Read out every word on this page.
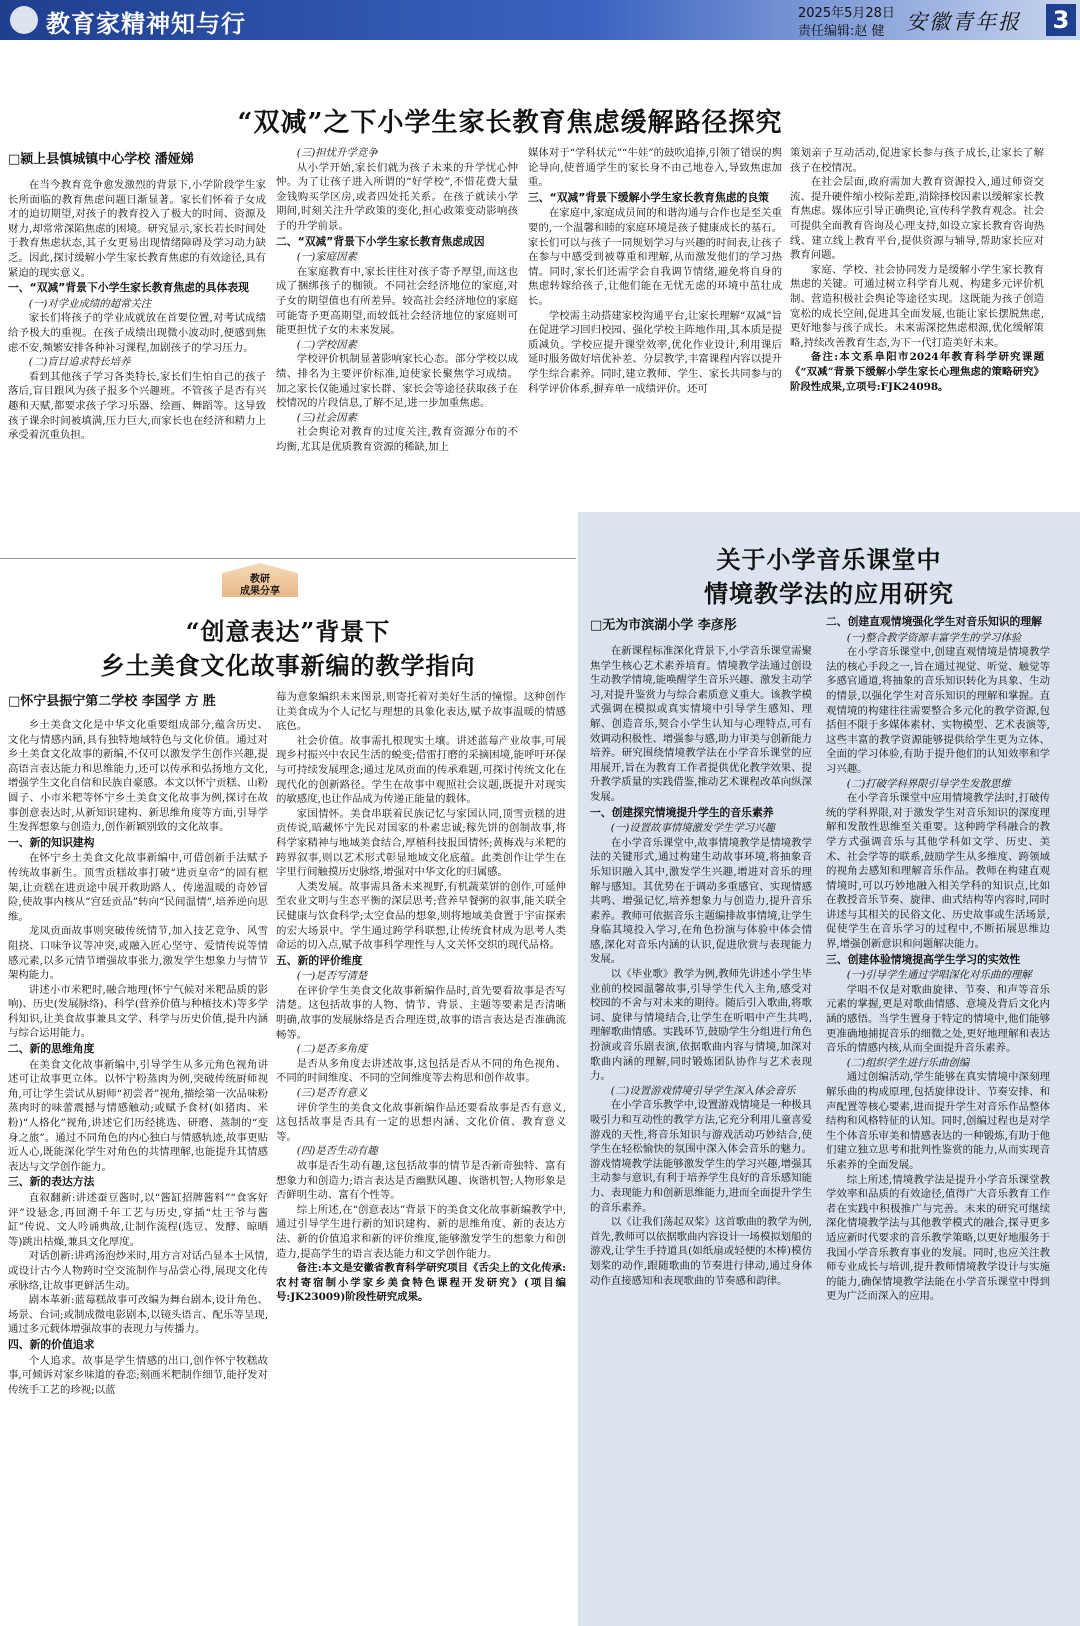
教育家精神知与行	2025年5月28日
责任编辑:赵 健 安徽青年报 3
“双减”之下小学生家长教育焦虑缓解路径探究
□颍上县慎城镇中心学校 潘娅娣

在当今教育竞争愈发激烈的背景下,小学阶段学生家长所面临的教育焦虑问题日渐显著。家长们怀着子女成才的迫切期望,对孩子的教育投入了极大的时间、资源及财力,却常常深陷焦虑的困境。研究显示,家长若长时间处于教育焦虑状态,其子女更易出现情绪障碍及学习动力缺乏。因此,探讨缓解小学生家长教育焦虑的有效途径,具有紧迫的现实意义。

一、“双减”背景下小学生家长教育焦虑的具体表现
(一)对学业成绩的超常关注

家长们将孩子的学业成就放在首要位置,对考试成绩给予极大的重视。在孩子成绩出现微小波动时,便感到焦虑不安,频繁安排各种补习课程,加剧孩子的学习压力。

(二)盲目追求特长培养

看到其他孩子学习各类特长,家长们生怕自己的孩子落后,盲目跟风为孩子报多个兴趣班。不管孩子是否有兴趣和天赋,都要求孩子学习乐器、绘画、舞蹈等。这导致孩子课余时间被填满,压力巨大,而家长也在经济和精力上承受着沉重负担。

(三)担忧升学竞争

从小学开始,家长们就为孩子未来的升学忧心忡忡。为了让孩子进入所谓的“好学校”,不惜花费大量金钱购买学区房,或者四处托关系。在孩子就读小学期间,时刻关注升学政策的变化,担心政策变动影响孩子的升学前景。

二、“双减”背景下小学生家长教育焦虑成因
(一)家庭因素

在家庭教育中,家长往往对孩子寄予厚望,而这也成了捆绑孩子的枷锁。不同社会经济地位的家庭,对子女的期望值也有所差异。较高社会经济地位的家庭可能寄予更高期望,而较低社会经济地位的家庭则可能更担忧子女的未来发展。

(二)学校因素

学校评价机制显著影响家长心态。部分学校以成绩、排名为主要评价标准,迫使家长聚焦学习成绩。加之家长仅能通过家长群、家长会等途径获取孩子在校情况的片段信息,了解不足,进一步加重焦虑。

(三)社会因素

社会舆论对教育的过度关注,教育资源分布的不均衡,尤其是优质教育资源的稀缺,加上

媒体对于“学科状元”“牛娃”的鼓吹追捧,引领了错误的舆论导向,使普通学生的家长身不由己地卷入,导致焦虑加重。
三、“双减”背景下缓解小学生家长教育焦虑的良策

在家庭中,家庭成员间的和谐沟通与合作也是至关重要的,一个温馨和睦的家庭环境是孩子健康成长的基石。家长们可以与孩子一同规划学习与兴趣的时间表,让孩子在参与中感受到被尊重和理解,从而激发他们的学习热情。同时,家长们还需学会自我调节情绪,避免将自身的焦虑转嫁给孩子,让他们能在无忧无虑的环境中茁壮成长。

学校需主动搭建家校沟通平台,让家长理解“双减”旨在促进学习回归校园、强化学校主阵地作用,其本质是提质减负。学校应提升课堂效率,优化作业设计,利用课后延时服务做好培优补差、分层教学,丰富课程内容以提升学生综合素养。同时,建立教师、学生、家长共同参与的科学评价体系,摒弃单一成绩评价。还可

策划亲子互动活动,促进家长参与孩子成长,让家长了解孩子在校情况。

在社会层面,政府需加大教育资源投入,通过师资交流、提升硬件缩小校际差距,消除择校因素以缓解家长教育焦虑。媒体应引导正确舆论,宣传科学教育观念。社会可提供全面教育咨询及心理支持,如设立家长教育咨询热线、建立线上教育平台,提供资源与辅导,帮助家长应对教育问题。

家庭、学校、社会协同发力是缓解小学生家长教育焦虑的关键。可通过树立科学育儿观、构建多元评价机制、营造积极社会舆论等途径实现。这既能为孩子创造宽松的成长空间,促进其全面发展,也能让家长摆脱焦虑,更好地参与孩子成长。未来需深挖焦虑根源,优化缓解策略,持续改善教育生态,为下一代打造美好未来。

备注:本文系阜阳市2024年教育科学研究课题《“双减”背景下缓解小学生家长心理焦虑的策略研究》阶段性成果,立项号:FJK24098。

教研
成果分享
“创意表达”背景下
乡土美食文化故事新编的教学指向
□怀宁县振宁第二学校 李国学 方 胜

乡土美食文化是中华文化重要组成部分,蕴含历史、文化与情感内涵,具有独特地域特色与文化价值。通过对乡土美食文化故事的新编,不仅可以激发学生创作兴趣,提高语言表达能力和思维能力,还可以传承和弘扬地方文化,增强学生文化自信和民族自豪感。本文以怀宁贡糕、山粉圆子、小市米粑等怀宁乡土美食文化故事为例,探讨在故事创意表达时,从新知识建构、新思维角度等方面,引导学生发挥想象与创造力,创作新颖别致的文化故事。

一、新的知识建构

在怀宁乡土美食文化故事新编中,可借创新手法赋予传统故事新生。顶雪贡糕故事打破“进贡皇帝”的固有框架,让贡糕在进贡途中展开救助路人、传递温暖的奇妙冒险,使故事内核从“宫廷贡品”转向“民间温情”,培养逆向思维。

龙凤贡面故事则突破传统情节,加入技艺竞争、风雪阻挠、口味争议等冲突,或融入匠心坚守、爱情传说等情感元素,以多元情节增强故事张力,激发学生想象力与情节架构能力。

讲述小市米粑时,融合地理(怀宁气候对米粑品质的影响)、历史(发展脉络)、科学(营养价值与种植技术)等多学科知识,让美食故事兼具文学、科学与历史价值,提升内涵与综合运用能力。

二、新的思维角度

在美食文化故事新编中,引导学生从多元角色视角讲述可让故事更立体。以怀宁粉蒸肉为例,突破传统厨师视角,可让学生尝试从厨师“初尝者”视角,描绘第一次品味粉蒸肉时的味蕾震撼与情感触动;或赋予食材(如猪肉、米粉)“人格化”视角,讲述它们历经挑选、研磨、蒸制的“变身之旅”。通过不同角色的内心独白与情感轨迹,故事更贴近人心,既能深化学生对角色的共情理解,也能提升其情感表达与文学创作能力。

三、新的表达方法

直叙翻新:讲述蚕豆酱时,以“酱缸招牌酱料”“食客好评”设悬念,再回溯千年工艺与历史,穿插“灶王爷与酱缸”传说、文人吟诵典故,让制作流程(选豆、发酵、晾晒等)跳出枯燥,兼具文化厚度。

对话创新:讲鸡汤泡炒米时,用方言对话凸显本土风情,或设计古今人物跨时空交流制作与品尝心得,展现文化传承脉络,让故事更鲜活生动。

剧本革新:蓝莓糕故事可改编为舞台剧本,设计角色、场景、台词;或制成微电影剧本,以镜头语言、配乐等呈现,通过多元载体增强故事的表现力与传播力。

四、新的价值追求

个人追求。故事是学生情感的出口,创作怀宁牧糕故事,可倾诉对家乡味道的眷恋;刻画米粑制作细节,能抒发对传统手工艺的珍视;以蓝

莓为意象编织未来图景,则寄托着对美好生活的憧憬。这种创作让美食成为个人记忆与理想的具象化表达,赋予故事温暖的情感底色。

社会价值。故事需扎根现实土壤。讲述蓝莓产业故事,可展现乡村振兴中农民生活的蜕变;借雷打磨的采摘困境,能呼吁环保与可持续发展理念;通过龙凤贡面的传承难题,可探讨传统文化在现代化的创新路径。学生在故事中观照社会议题,既提升对现实的敏感度,也让作品成为传递正能量的载体。

家国情怀。美食串联着民族记忆与家国认同,顶雪贡糕的进贡传说,暗藏怀宁先民对国家的朴素忠诚;稼先饼的创制故事,将科学家精神与地域美食结合,厚植科技报国情怀;黄梅戏与米粑的跨界叙事,则以艺术形式彰显地域文化底蕴。此类创作让学生在字里行间触摸历史脉络,增强对中华文化的归属感。

人类发展。故事需具备未来视野,有机蔬菜饼的创作,可延伸至农业文明与生态平衡的深层思考;营养早餐粥的叙事,能关联全民健康与饮食科学;太空食品的想象,则将地域美食置于宇宙探索的宏大场景中。学生通过跨学科联想,让传统食材成为思考人类命运的切入点,赋予故事科学理性与人文关怀交织的现代品格。

五、新的评价维度
(一)是否写清楚

在评价学生美食文化故事新编作品时,首先要看故事是否写清楚。这包括故事的人物、情节、背景、主题等要素是否清晰明确,故事的发展脉络是否合理连贯,故事的语言表达是否准确流畅等。

(二)是否多角度

是否从多角度去讲述故事,这包括是否从不同的角色视角、不同的时间维度、不同的空间维度等去构思和创作故事。

(三)是否有意义

评价学生的美食文化故事新编作品还要看故事是否有意义,这包括故事是否具有一定的思想内涵、文化价值、教育意义等。

(四)是否生动有趣

故事是否生动有趣,这包括故事的情节是否新奇独特、富有想象力和创造力;语言表达是否幽默风趣、诙谐机智;人物形象是否鲜明生动、富有个性等。

综上所述,在“创意表达”背景下的美食文化故事新编教学中,通过引导学生进行新的知识建构、新的思维角度、新的表达方法、新的价值追求和新的评价维度,能够激发学生的想象力和创造力,提高学生的语言表达能力和文学创作能力。

备注:本文是安徽省教育科学研究项目《舌尖上的文化传承:农村寄宿制小学家乡美食特色课程开发研究》(项目编号:JK23009)阶段性研究成果。

关于小学音乐课堂中
情境教学法的应用研究
□无为市滨湖小学 李彦彤

在新课程标准深化背景下,小学音乐课堂需聚焦学生核心艺术素养培育。情境教学法通过创设生动教学情境,能唤醒学生音乐兴趣、激发主动学习,对提升鉴赏力与综合素质意义重大。该教学模式强调在模拟或真实情境中引导学生感知、理解、创造音乐,契合小学生认知与心理特点,可有效调动积极性、增强参与感,助力审美与创新能力培养。研究围绕情境教学法在小学音乐课堂的应用展开,旨在为教育工作者提供优化教学效果、提升教学质量的实践借鉴,推动艺术课程改革向纵深发展。

一、创建探究情境提升学生的音乐素养
(一)设置故事情境激发学生学习兴趣

在小学音乐课堂中,故事情境教学是情境教学法的关键形式,通过构建生动故事环境,将抽象音乐知识融入其中,激发学生兴趣,增进对音乐的理解与感知。其优势在于调动多重感官、实现情感共鸣、增强记忆,培养想象力与创造力,提升音乐素养。教师可依据音乐主题编排故事情境,让学生身临其境投入学习,在角色扮演与体验中体会情感,深化对音乐内涵的认识,促进欣赏与表现能力发展。

以《毕业歌》教学为例,教师先讲述小学生毕业前的校园温馨故事,引导学生代入主角,感受对校园的不舍与对未来的期待。随后引入歌曲,将歌词、旋律与情境结合,让学生在听唱中产生共鸣,理解歌曲情感。实践环节,鼓励学生分组进行角色扮演或音乐剧表演,依据歌曲内容与情境,加深对歌曲内涵的理解,同时锻炼团队协作与艺术表现力。

(二)设置游戏情境引导学生深入体会音乐

在小学音乐教学中,设置游戏情境是一种极具吸引力和互动性的教学方法,它充分利用儿童喜爱游戏的天性,将音乐知识与游戏活动巧妙结合,使学生在轻松愉快的氛围中深入体会音乐的魅力。游戏情境教学法能够激发学生的学习兴趣,增强其主动参与意识,有利于培养学生良好的音乐感知能力、表现能力和创新思维能力,进而全面提升学生的音乐素养。

以《让我们荡起双桨》这首歌曲的教学为例,首先,教师可以依据歌曲内容设计一场模拟划船的游戏,让学生手持道具(如纸扇或轻便的木棒)模仿划桨的动作,跟随歌曲的节奏进行律动,通过身体动作直接感知和表现歌曲的节奏感和韵律。

二、创建直观情境强化学生对音乐知识的理解
(一)整合教学资源丰富学生的学习体验

在小学音乐课堂中,创建直观情境是情境教学法的核心手段之一,旨在通过视觉、听觉、触觉等多感官通道,将抽象的音乐知识转化为具象、生动的情景,以强化学生对音乐知识的理解和掌握。直观情境的构建往往需要整合多元化的教学资源,包括但不限于多媒体素材、实物模型、艺术表演等,这些丰富的教学资源能够提供给学生更为立体、全面的学习体验,有助于提升他们的认知效率和学习兴趣。

(二)打破学科界限引导学生发散思维

在小学音乐课堂中应用情境教学法时,打破传统的学科界限,对于激发学生对音乐知识的深度理解和发散性思维至关重要。这种跨学科融合的教学方式强调音乐与其他学科如文学、历史、美术、社会学等的联系,鼓励学生从多维度、跨领域的视角去感知和理解音乐作品。教师在构建直观情境时,可以巧妙地融入相关学科的知识点,比如在教授音乐节奏、旋律、曲式结构等内容时,同时讲述与其相关的民俗文化、历史故事或生活场景,促使学生在音乐学习的过程中,不断拓展思维边界,增强创新意识和问题解决能力。

三、创建体验情境提高学生学习的实效性
(一)引导学生通过学唱深化对乐曲的理解

学唱不仅是对歌曲旋律、节奏、和声等音乐元素的掌握,更是对歌曲情感、意境及背后文化内涵的感悟。当学生置身于特定的情境中,他们能够更准确地捕捉音乐的细微之处,更好地理解和表达音乐的情感内核,从而全面提升音乐素养。

(二)组织学生进行乐曲创编

通过创编活动,学生能够在真实情境中深刻理解乐曲的构成原理,包括旋律设计、节奏安排、和声配置等核心要素,进而提升学生对音乐作品整体结构和风格特征的认知。同时,创编过程也是对学生个体音乐审美和情感表达的一种锻炼,有助于他们建立独立思考和批判性鉴赏的能力,从而实现音乐素养的全面发展。

综上所述,情境教学法是提升小学音乐课堂教学效率和品质的有效途径,值得广大音乐教育工作者在实践中积极推广与完善。未来的研究可继续深化情境教学法与其他教学模式的融合,探寻更多适应新时代要求的音乐教学策略,以更好地服务于我国小学音乐教育事业的发展。同时,也应关注教师专业成长与培训,提升教师情境教学设计与实施的能力,确保情境教学法能在小学音乐课堂中得到更为广泛而深入的应用。
